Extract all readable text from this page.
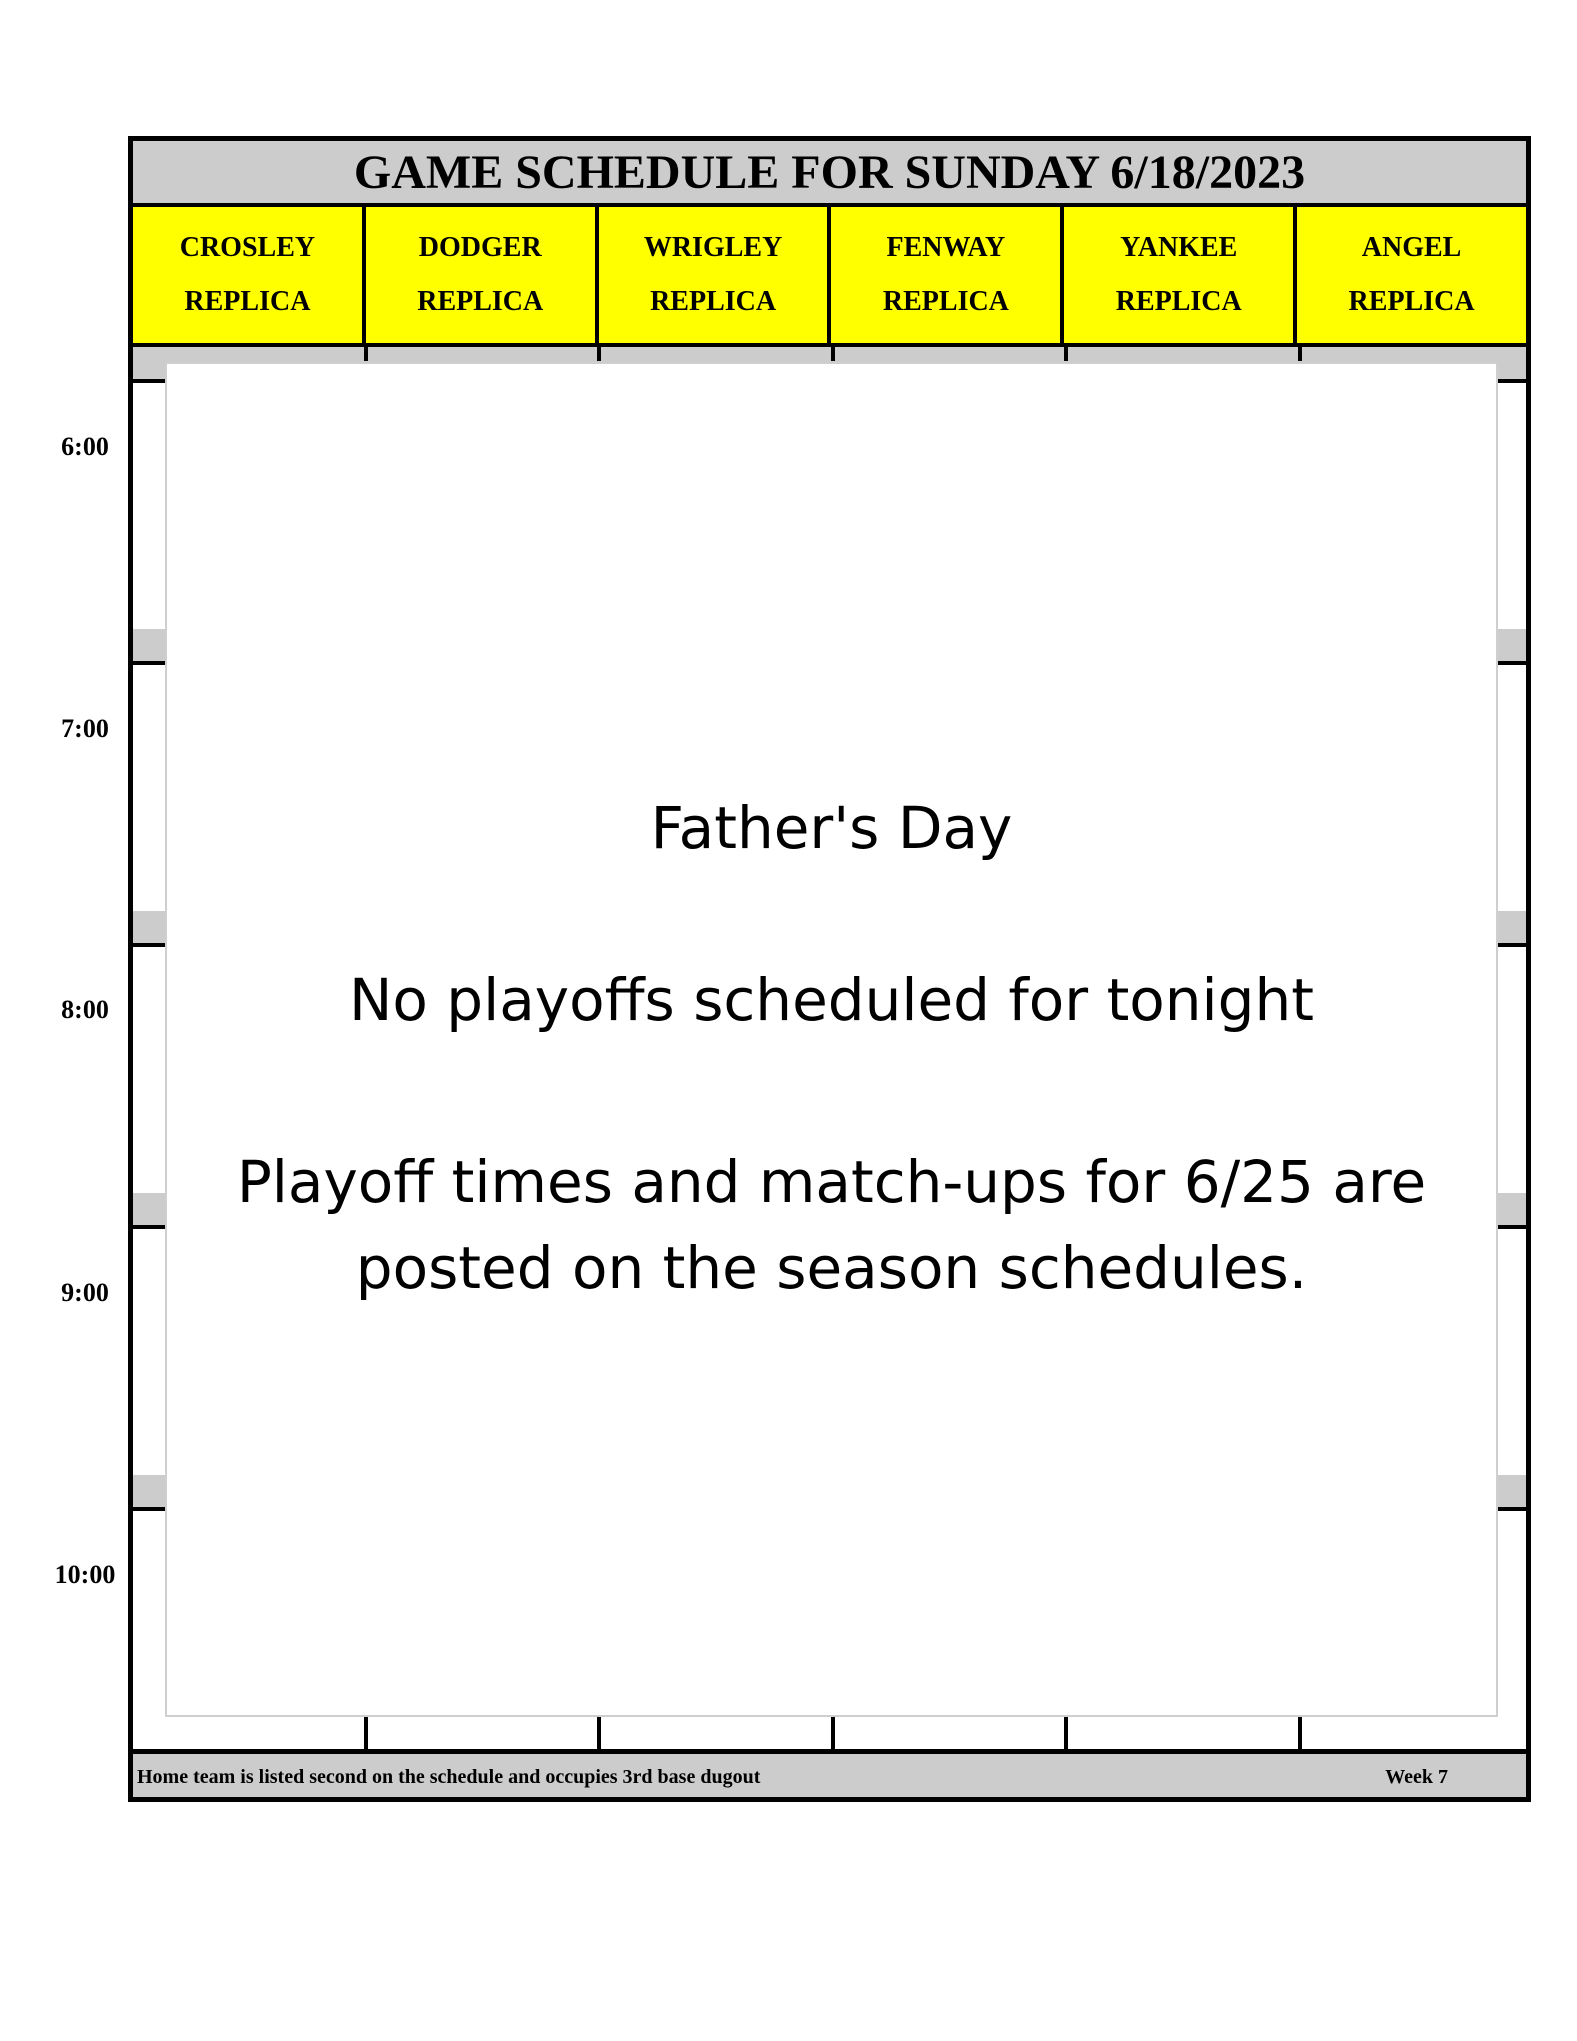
6:00
7:00
8:00
9:00
10:00
GAME SCHEDULE FOR SUNDAY 6/18/2023
CROSLEY
REPLICA
DODGER
REPLICA
WRIGLEY
REPLICA
FENWAY
REPLICA
YANKEE
REPLICA
ANGEL
REPLICA
Home team is listed second on the schedule and occupies 3rd base dugout	Week 7

Father's Day

No playoffs scheduled for tonight

Playoff times and match-ups for 6/25 are
posted on the season schedules.
